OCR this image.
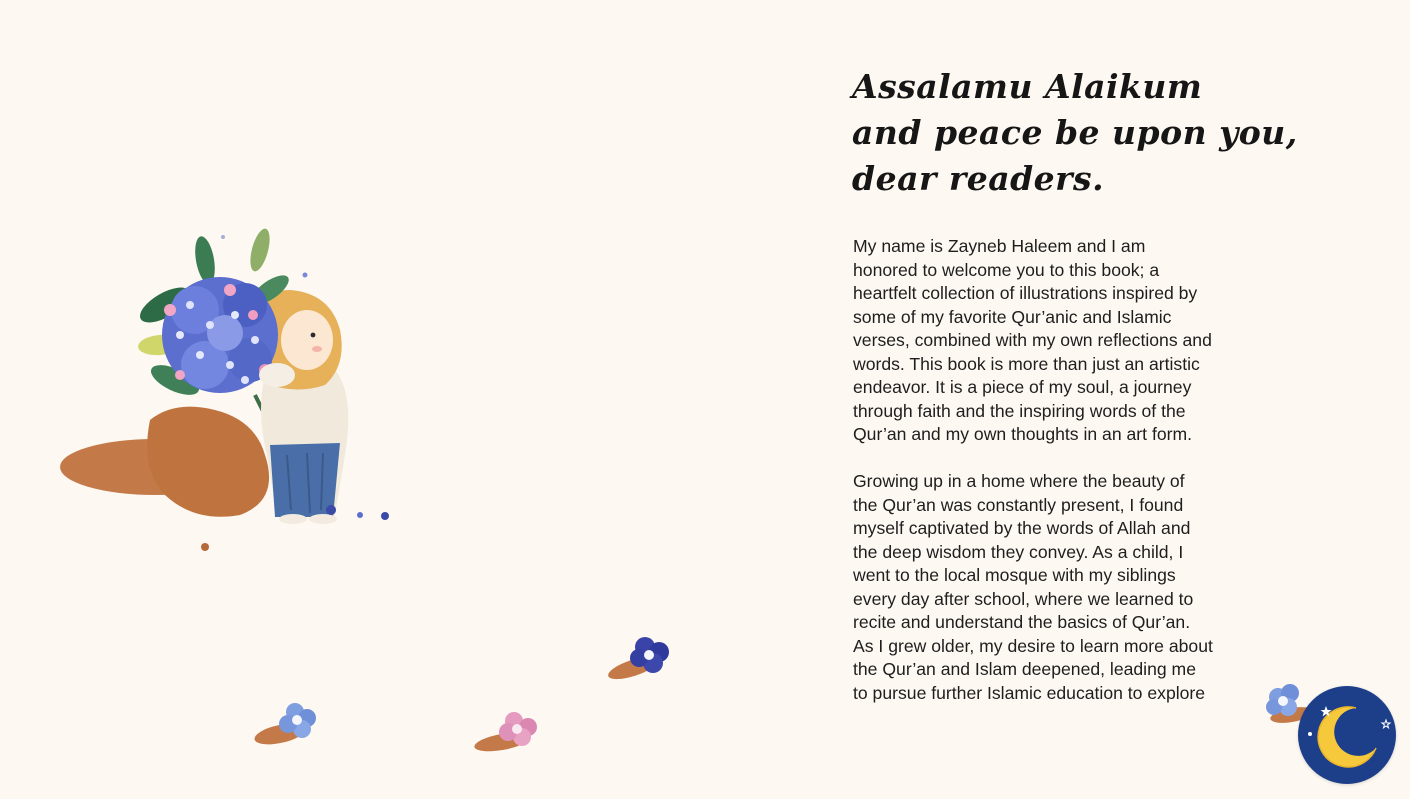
Assalamu Alaikum
and peace be upon you,
dear readers.

My name is Zayneb Haleem and I am honored to welcome you to this book; a heartfelt collection of illustrations inspired by some of my favorite Qur’anic and Islamic verses, combined with my own reflections and words. This book is more than just an artistic endeavor. It is a piece of my soul, a journey through faith and the inspiring words of the Qur’an and my own thoughts in an art form.

Growing up in a home where the beauty of the Qur’an was constantly present, I found myself captivated by the words of Allah and the deep wisdom they convey. As a child, I went to the local mosque with my siblings every day after school, where we learned to recite and understand the basics of Qur’an. As I grew older, my desire to learn more about the Qur’an and Islam deepened, leading me to pursue further Islamic education to explore
